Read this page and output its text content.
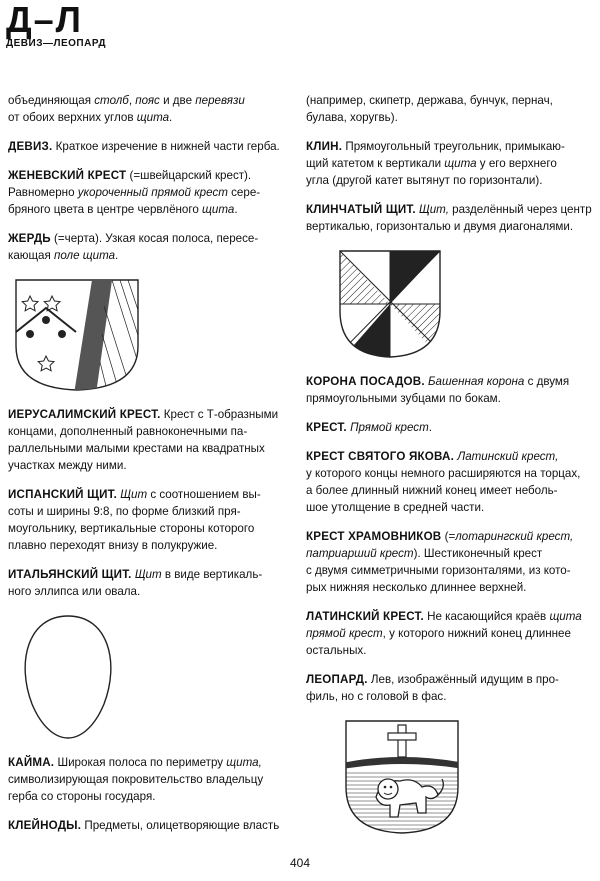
Д–Л
ДЕВИЗ—ЛЕОПАРД

объединяющая столб, пояс и две перевязи

от обоих верхних углов щита.

ДЕВИЗ. Краткое изречение в нижней части герба.

ЖЕНЕВСКИЙ КРЕСТ (=швейцарский крест).

Равномерно укороченный прямой крест сере-

бряного цвета в центре червлёного щита.

ЖЕРДЬ (=черта). Узкая косая полоса, пересе-

кающая поле щита.

ИЕРУСАЛИМСКИЙ КРЕСТ. Крест с Т-образными

концами, дополненный равноконечными па-

раллельными малыми крестами на квадратных

участках между ними.

ИСПАНСКИЙ ЩИТ. Щит с соотношением вы-

соты и ширины 9:8, по форме близкий пря-

моугольнику, вертикальные стороны которого

плавно переходят внизу в полукружие.

ИТАЛЬЯНСКИЙ ЩИТ. Щит в виде вертикаль-

ного эллипса или овала.

КАЙМА. Широкая полоса по периметру щита,

символизирующая покровительство владельцу

герба со стороны государя.

КЛЕЙНОДЫ. Предметы, олицетворяющие власть

(например, скипетр, держава, бунчук, пернач,

булава, хоругвь).

КЛИН. Прямоугольный треугольник, примыкаю-

щий катетом к вертикали щита у его верхнего

угла (другой катет вытянут по горизонтали).

КЛИНЧАТЫЙ ЩИТ. Щит, разделённый через центр

вертикалью, горизонталью и двумя диагоналями.

КОРОНА ПОСАДОВ. Башенная корона с двумя

прямоугольными зубцами по бокам.

КРЕСТ. Прямой крест.

КРЕСТ СВЯТОГО ЯКОВА. Латинский крест,

у которого концы немного расширяются на торцах,

а более длинный нижний конец имеет неболь-

шое утолщение в средней части.

КРЕСТ ХРАМОВНИКОВ (=лотарингский крест,

патриарший крест). Шестиконечный крест

с двумя симметричными горизонталями, из кото-

рых нижняя несколько длиннее верхней.

ЛАТИНСКИЙ КРЕСТ. Не касающийся краёв щита

прямой крест, у которого нижний конец длиннее

остальных.

ЛЕОПАРД. Лев, изображённый идущим в про-

филь, но с головой в фас.

404
